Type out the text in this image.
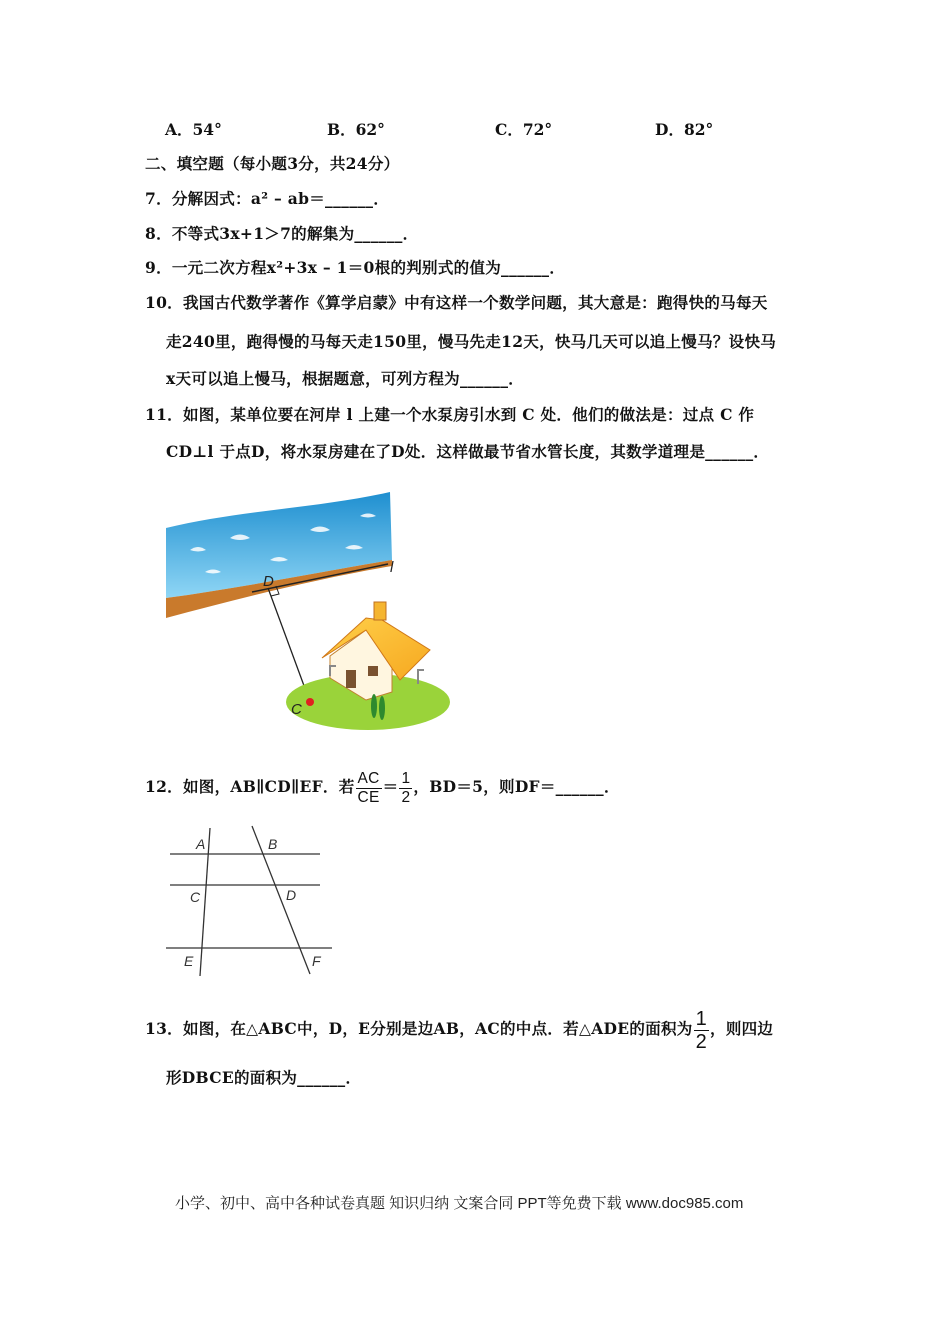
A．54°	B．62°	C．72°	D．82°
二、填空题（每小题3分，共24分）
7．分解因式：a² – ab＝______．
8．不等式3x+1＞7的解集为______．
9．一元二次方程x²+3x – 1＝0根的判别式的值为______．
10．我国古代数学著作《算学启蒙》中有这样一个数学问题，其大意是：跑得快的马每天
走240里，跑得慢的马每天走150里，慢马先走12天，快马几天可以追上慢马？设快马
x天可以追上慢马，根据题意，可列方程为______．
11．如图，某单位要在河岸 l 上建一个水泵房引水到 C 处．他们的做法是：过点 C 作
CD⊥l 于点D，将水泵房建在了D处．这样做最节省水管长度，其数学道理是______．
l
D
C
12．如图，AB∥CD∥EF．若 $\frac{AC}{CE} = \frac{1}{2}$ ，BD＝5，则DF＝______．
A	B
C	D
E	F
13．如图，在△ABC中，D，E分别是边AB，AC的中点．若△ADE的面积为 $\frac{1}{2}$ ，则四边
形DBCE的面积为______．
小学、初中、高中各种试卷真题 知识归纳 文案合同 PPT等免费下载 www.doc985.com
